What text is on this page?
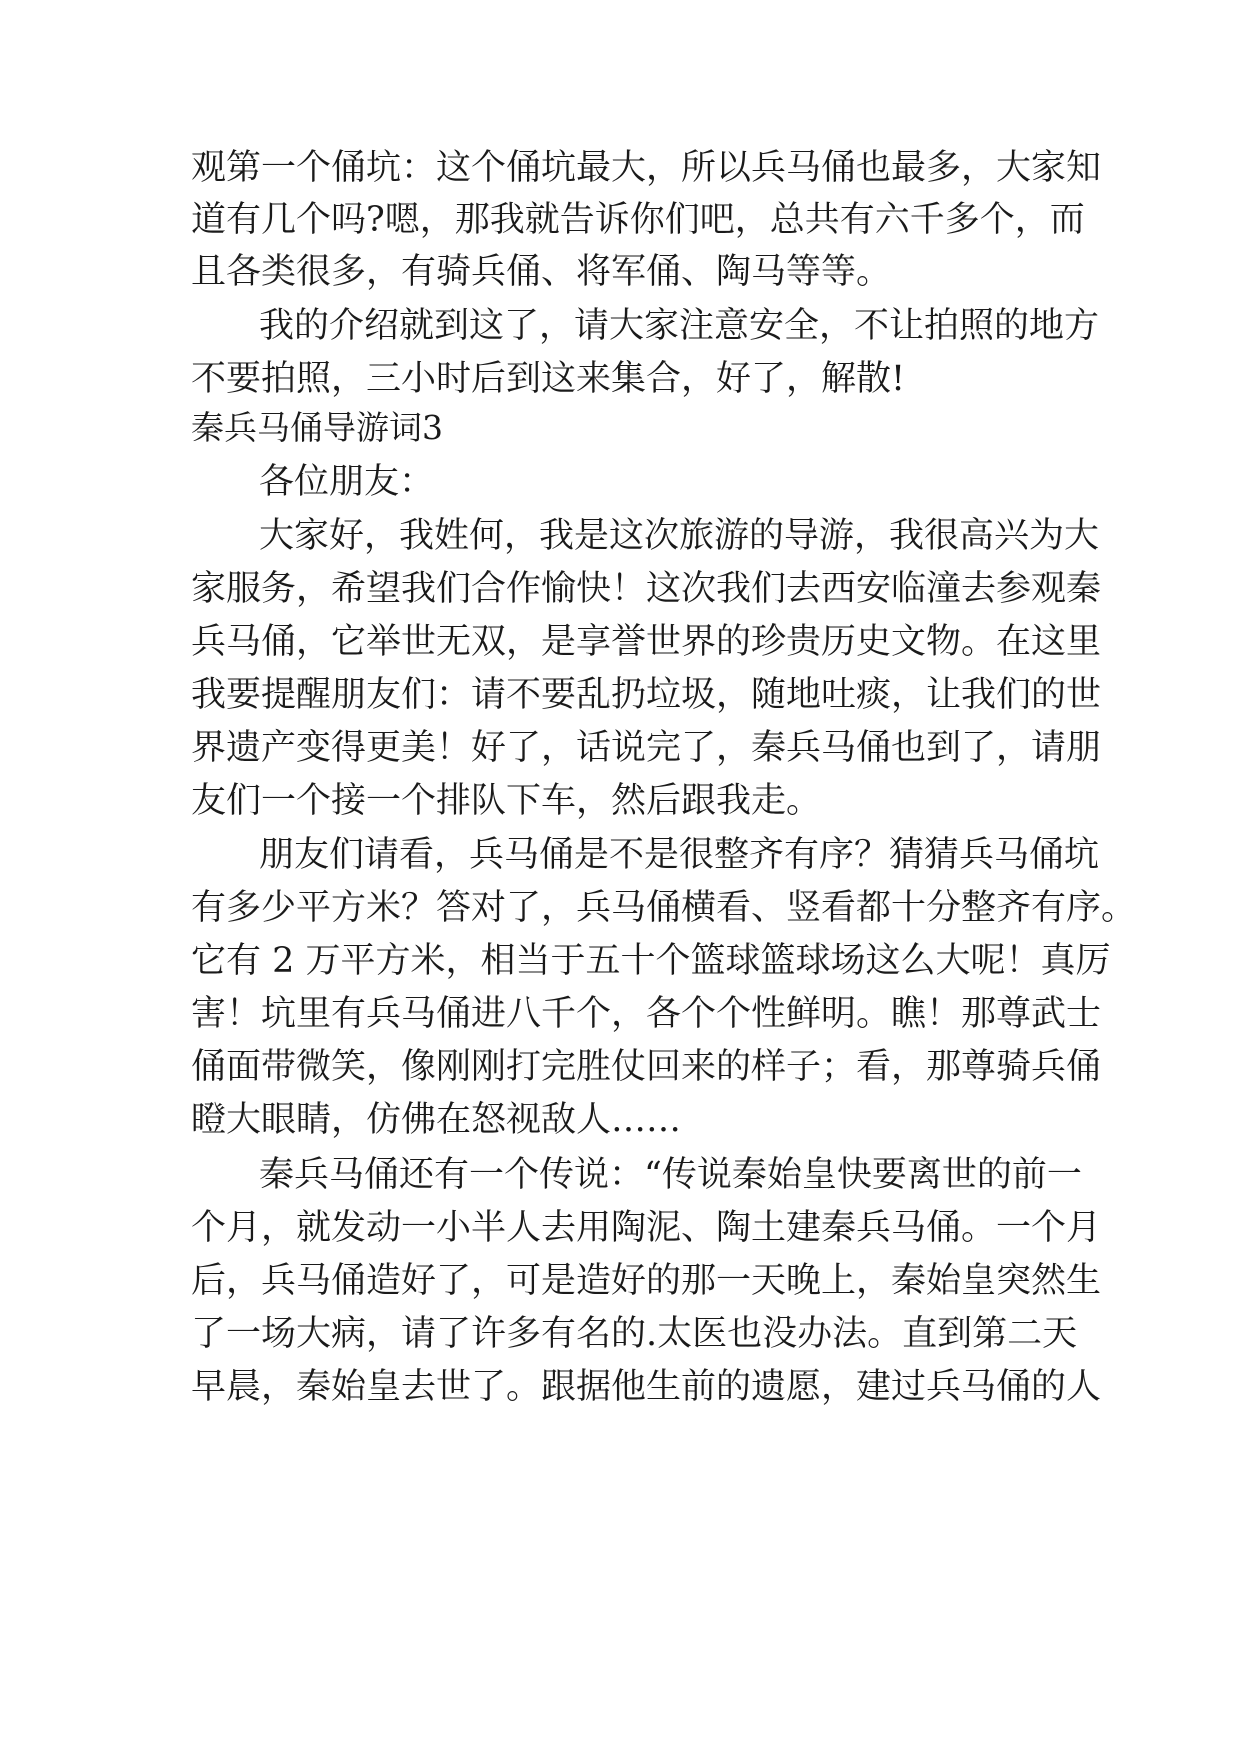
观第一个俑坑：这个俑坑最大，所以兵马俑也最多，大家知
道有几个吗?嗯，那我就告诉你们吧，总共有六千多个，而
且各类很多，有骑兵俑、将军俑、陶马等等。
我的介绍就到这了，请大家注意安全，不让拍照的地方
不要拍照，三小时后到这来集合，好了，解散!
秦兵马俑导游词3
各位朋友：
大家好，我姓何，我是这次旅游的导游，我很高兴为大
家服务，希望我们合作愉快！这次我们去西安临潼去参观秦
兵马俑，它举世无双，是享誉世界的珍贵历史文物。在这里
我要提醒朋友们：请不要乱扔垃圾，随地吐痰，让我们的世
界遗产变得更美！好了，话说完了，秦兵马俑也到了，请朋
友们一个接一个排队下车，然后跟我走。
朋友们请看，兵马俑是不是很整齐有序？猜猜兵马俑坑
有多少平方米？答对了，兵马俑横看、竖看都十分整齐有序。
它有 2 万平方米，相当于五十个篮球篮球场这么大呢！真厉
害！坑里有兵马俑进八千个，各个个性鲜明。瞧！那尊武士
俑面带微笑，像刚刚打完胜仗回来的样子；看，那尊骑兵俑
瞪大眼睛，仿佛在怒视敌人……
秦兵马俑还有一个传说：“传说秦始皇快要离世的前一
个月，就发动一小半人去用陶泥、陶土建秦兵马俑。一个月
后，兵马俑造好了，可是造好的那一天晚上，秦始皇突然生
了一场大病，请了许多有名的.太医也没办法。直到第二天
早晨，秦始皇去世了。跟据他生前的遗愿，建过兵马俑的人
